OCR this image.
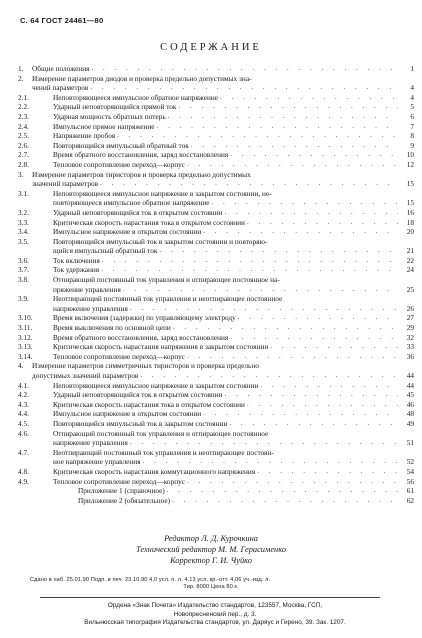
С. 64 ГОСТ 24461—80
СОДЕРЖАНИЕ
1.	Общие положения . . .	1
2.	Измерение параметров диодов и проверка предельно допустимых зна-
чений параметров . . .	4
2.1.	Неповторяющееся импульсное обратное напряжение . . .	4
2.2.	Ударный неповторяющийся прямой ток . . .	5
2.3.	Ударная мощность обратных потерь . . .	6
2.4.	Импульсное прямое напряжение . . .	7
2.5.	Напряжение пробоя . . .	8
2.6.	Повторяющийся импульсный обратный ток . . .	9
2.7.	Время обратного восстановления, заряд восстановления . . .	10
2.8.	Тепловое сопротивление переход—корпус . . .	12
3.	Измерение параметров тиристоров и проверка предельно допустимых
значений параметров . . .	15
3.1.	Неповторяющееся импульсное напряжение в закрытом состоянии, не-
повторяющееся импульсное обратное напряжение . . .	15
3.2.	Ударный неповторяющийся ток в открытом состоянии . . .	16
3.3.	Критическая скорость нарастания тока в открытом состоянии . . .	18
3.4.	Импульсное напряжение в открытом состоянии . . .	20
3.5.	Повторяющийся импульсный ток в закрытом состоянии и повторяю-
щийся импульсный обратный ток . . .	21
3.6.	Ток включения . . .	22
3.7.	Ток удержания . . .	24
3.8.	Отпирающий постоянный ток управления и отпирающее постоянное на-
пряжение управления . . .	25
3.9.	Неотпирающий постоянный ток управления и неотпирающее постоянное
напряжение управления . . .	26
3.10.	Время включения (задержки) по управляющему электроду . . .	27
3.11.	Время выключения по основной цепи . . .	29
3.12.	Время обратного восстановления, заряд восстановления . . .	32
3.13.	Критическая скорость нарастания напряжения в закрытом состоянии . . .	33
3.14.	Тепловое сопротивление переход—корпус . . .	36
4.	Измерение параметров симметричных тиристоров и проверка предельно
допустимых значений параметров . . .	44
4.1.	Неповторяющееся импульсное напряжение в закрытом состоянии . . .	44
4.2.	Ударный неповторяющийся ток в открытом состоянии . . .	45
4.3.	Критическая скорость нарастания тока в открытом состоянии . . .	46
4.4.	Импульсное напряжение в открытом состоянии . . .	48
4.5.	Повторяющийся импульсный ток в закрытом состоянии . . .	49
4.6.	Отпирающий постоянный ток управления и отпирающее постоянное
напряжение управления . . .	51
4.7.	Неотпирающий постоянный ток управления и неотпирающее постоян-
ное напряжение управления . . .	52
4.8.	Критическая скорость нарастания коммутационного напряжения . . .	54
4.9.	Тепловое сопротивление переход—корпус . . .	56
Приложение 1 (справочное) . . .	61
Приложение 2 (обязательное) . . .	62
Редактор Л. Д. Курочкина
Технический редактор М. М. Герасименко
Корректор Г. И. Чуйко
Сдано в наб. 25.01.90 Подп. в печ. 23.10.90 4,0 усл. п. л. 4,13 усл. кр.-отт. 4,06 уч.-изд. л.
Тир. 8000 Цена 80 к.
Ордена «Знак Почета» Издательство стандартов, 123557, Москва, ГСП,
Новопресненский пер., д. 3.
Вильнюсская типография Издательства стандартов, ул. Даряус и Гирено, 39. Зак. 1207.
